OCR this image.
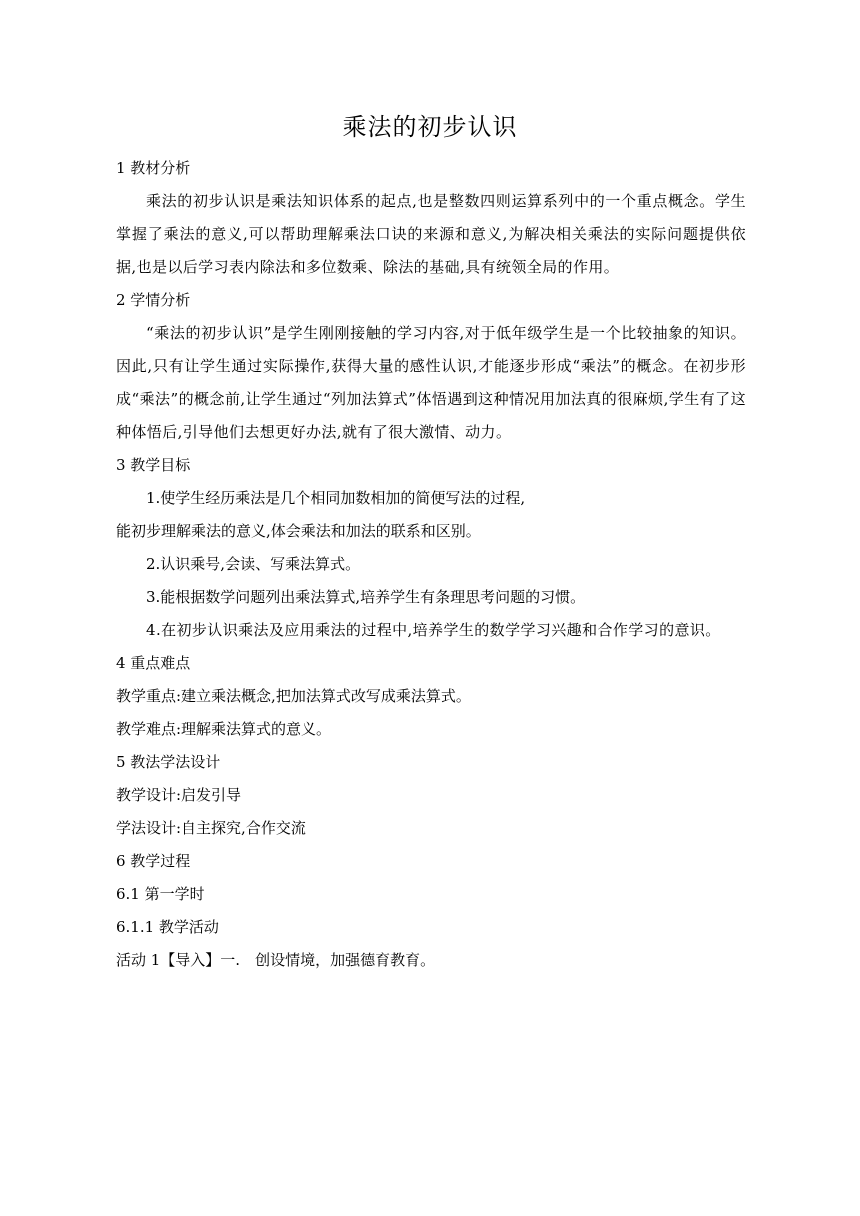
乘法的初步认识

1 教材分析

乘法的初步认识是乘法知识体系的起点,也是整数四则运算系列中的一个重点概念。学生掌握了乘法的意义,可以帮助理解乘法口诀的来源和意义,为解决相关乘法的实际问题提供依据,也是以后学习表内除法和多位数乘、除法的基础,具有统领全局的作用。

2 学情分析

“乘法的初步认识”是学生刚刚接触的学习内容,对于低年级学生是一个比较抽象的知识。因此,只有让学生通过实际操作,获得大量的感性认识,才能逐步形成“乘法”的概念。在初步形成“乘法”的概念前,让学生通过“列加法算式”体悟遇到这种情况用加法真的很麻烦,学生有了这种体悟后,引导他们去想更好办法,就有了很大激情、动力。

3 教学目标

1.使学生经历乘法是几个相同加数相加的简便写法的过程,

能初步理解乘法的意义,体会乘法和加法的联系和区别。

2.认识乘号,会读、写乘法算式。

3.能根据数学问题列出乘法算式,培养学生有条理思考问题的习惯。

4.在初步认识乘法及应用乘法的过程中,培养学生的数学学习兴趣和合作学习的意识。

4 重点难点

教学重点:建立乘法概念,把加法算式改写成乘法算式。

教学难点:理解乘法算式的意义。

5 教法学法设计

教学设计:启发引导

学法设计:自主探究,合作交流

6 教学过程

6.1 第一学时

6.1.1 教学活动

活动 1【导入】一.　创设情境，加强德育教育。
